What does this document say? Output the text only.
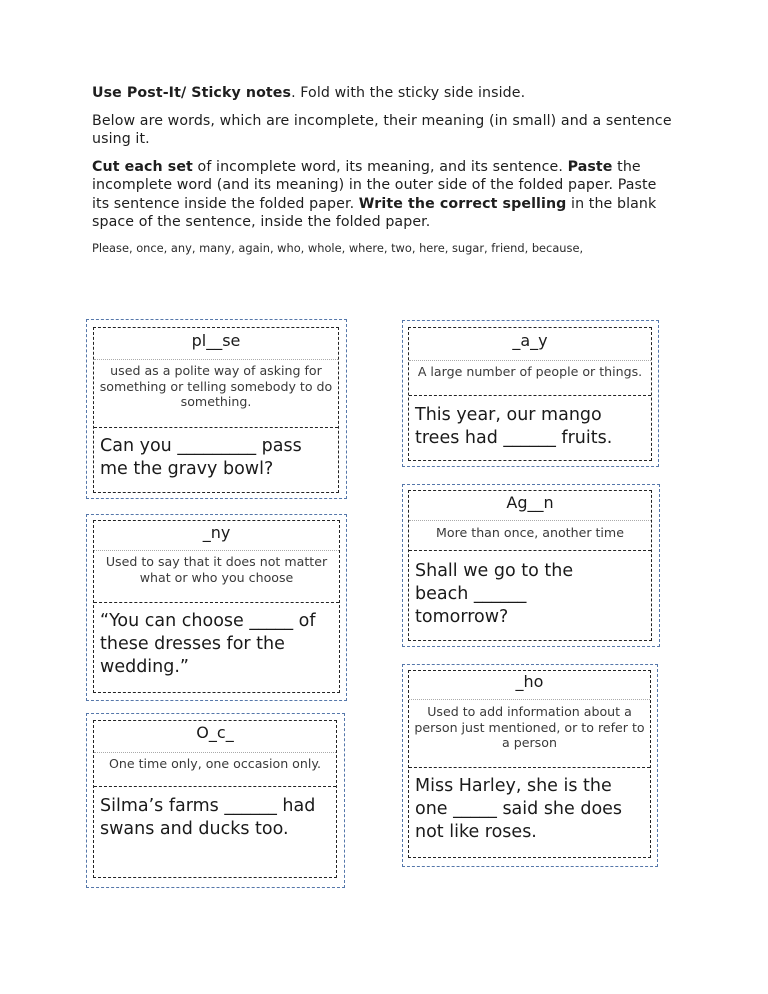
Use Post-It/ Sticky notes. Fold with the sticky side inside.

Below are words, which are incomplete, their meaning (in small) and a sentence using it.

Cut each set of incomplete word, its meaning, and its sentence. Paste the incomplete word (and its meaning) in the outer side of the folded paper. Paste its sentence inside the folded paper. Write the correct spelling in the blank space of the sentence, inside the folded paper.

Please, once, any, many, again, who, whole, where, two, here, sugar, friend, because,

pl__se
used as a polite way of asking for something or telling somebody to do something.
Can you _________ pass me the gravy bowl?
_ny
Used to say that it does not matter what or who you choose
“You can choose _____ of these dresses for the wedding.”
O_c_
One time only, one occasion only.
Silma’s farms ______ had swans and ducks too.
_a_y
A large number of people or things.
This year, our mango trees had ______ fruits.
Ag__n
More than once, another time
Shall we go to the beach ______ tomorrow?
_ho
Used to add information about a person just mentioned, or to refer to a person
Miss Harley, she is the one _____ said she does not like roses.
